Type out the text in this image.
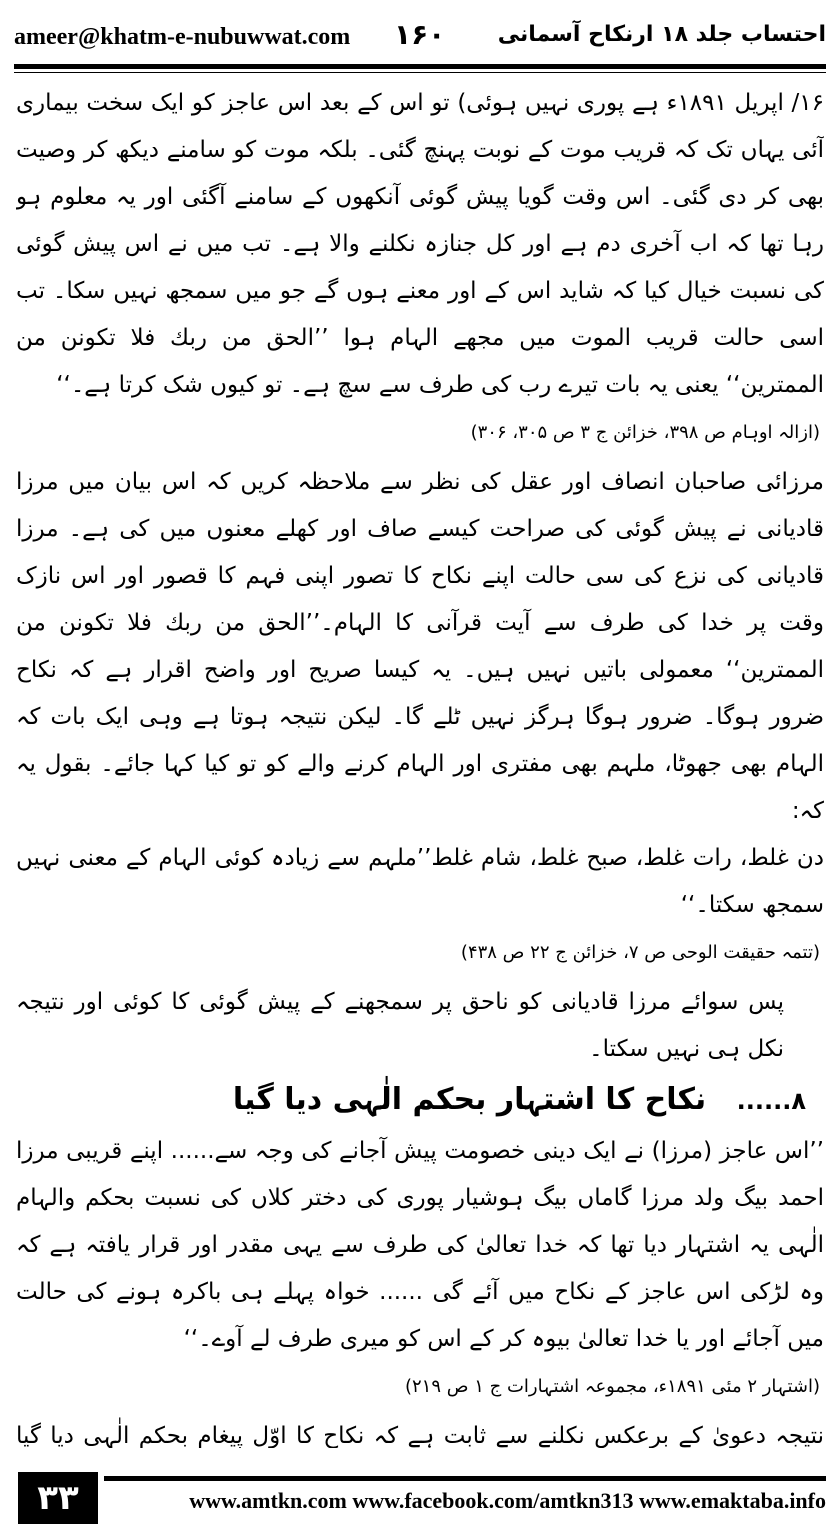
ameer@khatm-e-nubuwwat.com ۱۶۰ احتساب جلد ۱۸ ارنکاح آسمانی

۱۶/ اپریل ۱۸۹۱ء ہے پوری نہیں ہوئی) تو اس کے بعد اس عاجز کو ایک سخت بیماری آئی یہاں تک کہ قریب موت کے نوبت پہنچ گئی۔ بلکہ موت کو سامنے دیکھ کر وصیت بھی کر دی گئی۔ اس وقت گویا پیش گوئی آنکھوں کے سامنے آگئی اور یہ معلوم ہو رہا تھا کہ اب آخری دم ہے اور کل جنازہ نکلنے والا ہے۔ تب میں نے اس پیش گوئی کی نسبت خیال کیا کہ شاید اس کے اور معنے ہوں گے جو میں سمجھ نہیں سکا۔ تب اسی حالت قریب الموت میں مجھے الہام ہوا ’’الحق من ربك فلا تكونن من الممترين‘‘ یعنی یہ بات تیرے رب کی طرف سے سچ ہے۔ تو کیوں شک کرتا ہے۔‘‘

(ازالہ اوہام ص ۳۹۸، خزائن ج ۳ ص ۳۰۵، ۳۰۶)

مرزائی صاحبان انصاف اور عقل کی نظر سے ملاحظہ کریں کہ اس بیان میں مرزا قادیانی نے پیش گوئی کی صراحت کیسے صاف اور کھلے معنوں میں کی ہے۔ مرزا قادیانی کی نزع کی سی حالت اپنے نکاح کا تصور اپنی فہم کا قصور اور اس نازک وقت پر خدا کی طرف سے آیت قرآنی کا الہام۔’’الحق من ربك فلا تكونن من الممترين‘‘ معمولی باتیں نہیں ہیں۔ یہ کیسا صریح اور واضح اقرار ہے کہ نکاح ضرور ہوگا۔ ضرور ہوگا ہرگز نہیں ٹلے گا۔ لیکن نتیجہ ہوتا ہے وہی ایک بات کہ الہام بھی جھوٹا، ملہم بھی مفتری اور الہام کرنے والے کو تو کیا کہا جائے۔ بقول یہ کہ:

دن غلط، رات غلط، صبح غلط، شام غلط’’ملہم سے زیادہ کوئی الہام کے معنی نہیں سمجھ سکتا۔‘‘

(تتمہ حقیقت الوحی ص ۷، خزائن ج ۲۲ ص ۴۳۸)

پس سوائے مرزا قادیانی کو ناحق پر سمجھنے کے پیش گوئی کا کوئی اور نتیجہ نکل ہی نہیں سکتا۔

۸...... نکاح کا اشتہار بحکم الٰہی دیا گیا

’’اس عاجز (مرزا) نے ایک دینی خصومت پیش آجانے کی وجہ سے...... اپنے قریبی مرزا احمد بیگ ولد مرزا گاماں بیگ ہوشیار پوری کی دختر کلاں کی نسبت بحکم والہام الٰہی یہ اشتہار دیا تھا کہ خدا تعالیٰ کی طرف سے یہی مقدر اور قرار یافتہ ہے کہ وہ لڑکی اس عاجز کے نکاح میں آئے گی ...... خواہ پہلے ہی باکرہ ہونے کی حالت میں آجائے اور یا خدا تعالیٰ بیوہ کر کے اس کو میری طرف لے آوے۔‘‘

(اشتہار ۲ مئی ۱۸۹۱ء، مجموعہ اشتہارات ج ۱ ص ۲۱۹)

نتیجہ دعویٰ کے برعکس نکلنے سے ثابت ہے کہ نکاح کا اوّل پیغام بحکم الٰہی دیا گیا

۳۳	www.amtkn.com www.facebook.com/amtkn313 www.emaktaba.info
